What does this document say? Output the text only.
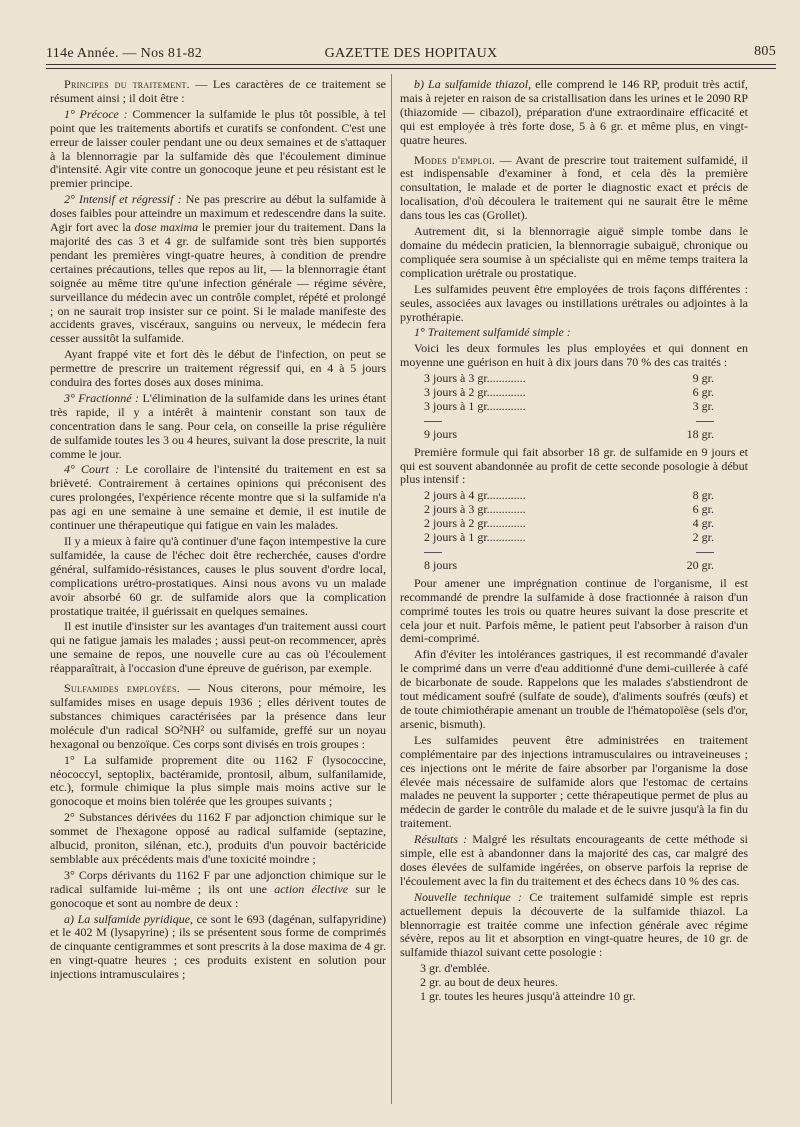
114e Année. — Nos 81-82	GAZETTE DES HOPITAUX	805

Principes du traitement. — Les caractères de ce traitement se résument ainsi ; il doit être :

1° Précoce : Commencer la sulfamide le plus tôt possible, à tel point que les traitements abortifs et curatifs se confondent. C'est une erreur de laisser couler pendant une ou deux semaines et de s'attaquer à la blennorragie par la sulfamide dès que l'écoulement diminue d'intensité. Agir vite contre un gonocoque jeune et peu résistant est le premier principe.

2° Intensif et régressif : Ne pas prescrire au début la sulfamide à doses faibles pour atteindre un maximum et redescendre dans la suite. Agir fort avec la dose maxima le premier jour du traitement. Dans la majorité des cas 3 et 4 gr. de sulfamide sont très bien supportés pendant les premières vingt-quatre heures, à condition de prendre certaines précautions, telles que repos au lit, — la blennorragie étant soignée au même titre qu'une infection générale — régime sévère, surveillance du médecin avec un contrôle complet, répété et prolongé ; on ne saurait trop insister sur ce point. Si le malade manifeste des accidents graves, viscéraux, sanguins ou nerveux, le médecin fera cesser aussitôt la sulfamide.

Ayant frappé vite et fort dès le début de l'infection, on peut se permettre de prescrire un traitement régressif qui, en 4 à 5 jours conduira des fortes doses aux doses minima.

3° Fractionné : L'élimination de la sulfamide dans les urines étant très rapide, il y a intérêt à maintenir constant son taux de concentration dans le sang. Pour cela, on conseille la prise régulière de sulfamide toutes les 3 ou 4 heures, suivant la dose prescrite, la nuit comme le jour.

4° Court : Le corollaire de l'intensité du traitement en est sa brièveté. Contrairement à certaines opinions qui préconisent des cures prolongées, l'expérience récente montre que si la sulfamide n'a pas agi en une semaine à une semaine et demie, il est inutile de continuer une thérapeutique qui fatigue en vain les malades.

Il y a mieux à faire qu'à continuer d'une façon intempestive la cure sulfamidée, la cause de l'échec doit être recherchée, causes d'ordre général, sulfamido-résistances, causes le plus souvent d'ordre local, complications urétro-prostatiques. Ainsi nous avons vu un malade avoir absorbé 60 gr. de sulfamide alors que la complication prostatique traitée, il guérissait en quelques semaines.

Il est inutile d'insister sur les avantages d'un traitement aussi court qui ne fatigue jamais les malades ; aussi peut-on recommencer, après une semaine de repos, une nouvelle cure au cas où l'écoulement réapparaîtrait, à l'occasion d'une épreuve de guérison, par exemple.

Sulfamides employées. — Nous citerons, pour mémoire, les sulfamides mises en usage depuis 1936 ; elles dérivent toutes de substances chimiques caractérisées par la présence dans leur molécule d'un radical SO²NH² ou sulfamide, greffé sur un noyau hexagonal ou benzoïque. Ces corps sont divisés en trois groupes :

1° La sulfamide proprement dite ou 1162 F (lysococcine, néococcyl, septoplix, bactéramide, prontosil, album, sulfanilamide, etc.), formule chimique la plus simple mais moins active sur le gonocoque et moins bien tolérée que les groupes suivants ;

2° Substances dérivées du 1162 F par adjonction chimique sur le sommet de l'hexagone opposé au radical sulfamide (septazine, albucid, proniton, silénan, etc.), produits d'un pouvoir bactéricide semblable aux précédents mais d'une toxicité moindre ;

3° Corps dérivants du 1162 F par une adjonction chimique sur le radical sulfamide lui-même ; ils ont une action élective sur le gonocoque et sont au nombre de deux :

a) La sulfamide pyridique, ce sont le 693 (dagénan, sulfapyridine) et le 402 M (lysapyrine) ; ils se présentent sous forme de comprimés de cinquante centigrammes et sont prescrits à la dose maxima de 4 gr. en vingt-quatre heures ; ces produits existent en solution pour injections intramusculaires ;

b) La sulfamide thiazol, elle comprend le 146 RP, produit très actif, mais à rejeter en raison de sa cristallisation dans les urines et le 2090 RP (thiazomide — cibazol), préparation d'une extraordinaire efficacité et qui est employée à très forte dose, 5 à 6 gr. et même plus, en vingt-quatre heures.

Modes d'emploi. — Avant de prescrire tout traitement sulfamidé, il est indispensable d'examiner à fond, et cela dès la première consultation, le malade et de porter le diagnostic exact et précis de localisation, d'où découlera le traitement qui ne saurait être le même dans tous les cas (Grollet).

Autrement dit, si la blennorragie aiguë simple tombe dans le domaine du médecin praticien, la blennorragie subaiguë, chronique ou compliquée sera soumise à un spécialiste qui en même temps traitera la complication urétrale ou prostatique.

Les sulfamides peuvent être employées de trois façons différentes : seules, associées aux lavages ou instillations urétrales ou adjointes à la pyrothérapie.

1° Traitement sulfamidé simple :

Voici les deux formules les plus employées et qui donnent en moyenne une guérison en huit à dix jours dans 70 % des cas traités :

3 jours à 3 gr.............	9 gr.
3 jours à 2 gr.............	6 gr.
3 jours à 1 gr.............	3 gr.

9 jours	18 gr.

Première formule qui fait absorber 18 gr. de sulfamide en 9 jours et qui est souvent abandonnée au profit de cette seconde posologie à début plus intensif :

2 jours à 4 gr.............	8 gr.
2 jours à 3 gr.............	6 gr.
2 jours à 2 gr.............	4 gr.
2 jours à 1 gr.............	2 gr.

8 jours	20 gr.

Pour amener une imprégnation continue de l'organisme, il est recommandé de prendre la sulfamide à dose fractionnée à raison d'un comprimé toutes les trois ou quatre heures suivant la dose prescrite et cela jour et nuit. Parfois même, le patient peut l'absorber à raison d'un demi-comprimé.

Afin d'éviter les intolérances gastriques, il est recommandé d'avaler le comprimé dans un verre d'eau additionné d'une demi-cuillerée à café de bicarbonate de soude. Rappelons que les malades s'abstiendront de tout médicament soufré (sulfate de soude), d'aliments soufrés (œufs) et de toute chimiothérapie amenant un trouble de l'hématopoïèse (sels d'or, arsenic, bismuth).

Les sulfamides peuvent être administrées en traitement complémentaire par des injections intramusculaires ou intraveineuses ; ces injections ont le mérite de faire absorber par l'organisme la dose élevée mais nécessaire de sulfamide alors que l'estomac de certains malades ne peuvent la supporter ; cette thérapeutique permet de plus au médecin de garder le contrôle du malade et de le suivre jusqu'à la fin du traitement.

Résultats : Malgré les résultats encourageants de cette méthode si simple, elle est à abandonner dans la majorité des cas, car malgré des doses élevées de sulfamide ingérées, on observe parfois la reprise de l'écoulement avec la fin du traitement et des échecs dans 10 % des cas.

Nouvelle technique : Ce traitement sulfamidé simple est repris actuellement depuis la découverte de la sulfamide thiazol. La blennorragie est traitée comme une infection générale avec régime sévère, repos au lit et absorption en vingt-quatre heures, de 10 gr. de sulfamide thiazol suivant cette posologie :

3 gr. d'emblée.
2 gr. au bout de deux heures.
1 gr. toutes les heures jusqu'à atteindre 10 gr.
